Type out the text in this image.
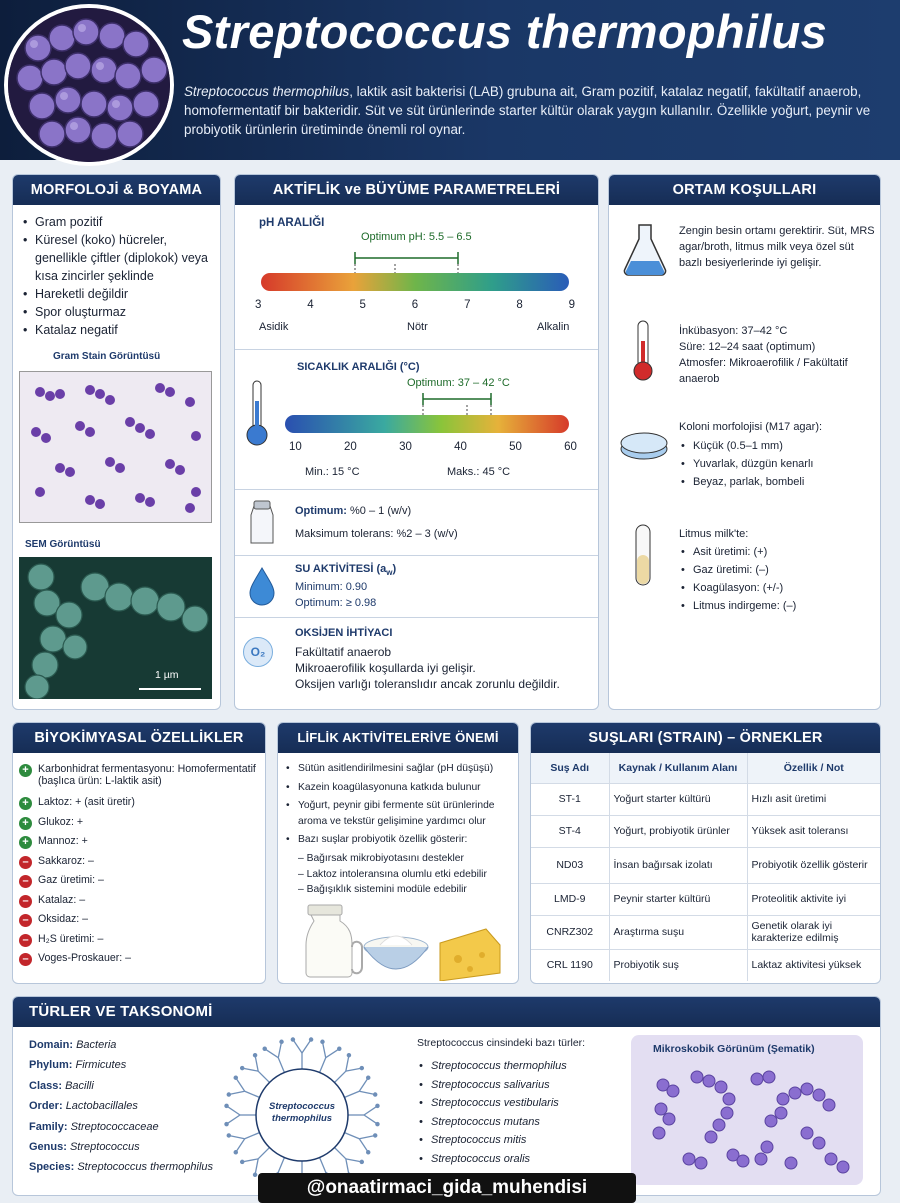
Streptococcus thermophilus
Streptococcus thermophilus, laktik asit bakterisi (LAB) grubuna ait, Gram pozitif, katalaz negatif, fakültatif anaerob, homofermentatif bir bakteridir. Süt ve süt ürünlerinde starter kültür olarak yaygın kullanılır. Özellikle yoğurt, peynir ve probiyotik ürünlerin üretiminde önemli rol oynar.
MORFOLOJİ & BOYAMA
• Gram pozitif
• Küresel (koko) hücreler, genellikle çiftler (diplokok) veya kısa zincirler şeklinde
• Hareketli değildir
• Spor oluşturmaz
• Katalaz negatif
Gram Stain Görüntüsü
SEM Görüntüsü
1 µm
AKTİFLİK ve BÜYÜME PARAMETRELERİ
pH ARALIĞI
Optimum pH: 5.5 – 6.5
3	4	5	6	7	8	9
Asidik	Nötr	Alkalin
SICAKLIK ARALIĞI (°C)
Optimum: 37 – 42 °C
10	20	30	40	50	60
Min.: 15 °C	Maks.: 45 °C
Optimum: %0 – 1 (w/v)
Maksimum tolerans: %2 – 3 (w/v)
SU AKTİVİTESİ $(a_w)$
Minimum: 0.90
Optimum: ≥ 0.98
O₂
OKSİJEN İHTİYACI
Fakültatif anaerob
Mikroaerofilik koşullarda iyi gelişir.
Oksijen varlığı toleranslıdır ancak zorunlu değildir.
ORTAM KOŞULLARI
Zengin besin ortamı gerektirir. Süt, MRS agar/broth, litmus milk veya özel süt bazlı besiyerlerinde iyi gelişir.
İnkübasyon: 37–42 °C
Süre: 12–24 saat (optimum)
Atmosfer: Mikroaerofilik / Fakültatif anaerob
Koloni morfolojisi (M17 agar):
• Küçük (0.5–1 mm)
• Yuvarlak, düzgün kenarlı
• Beyaz, parlak, bombeli
Litmus milk'te:
• Asit üretimi: (+)
• Gaz üretimi: (–)
• Koagülasyon: (+/-)
• Litmus indirgeme: (–)
BİYOKİMYASAL ÖZELLİKLER
+ Karbonhidrat fermentasyonu: Homofermentatif (başlıca ürün: L-laktik asit)
+ Laktoz: + (asit üretir)
+ Glukoz: +
+ Mannoz: +
– Sakkaroz: –
– Gaz üretimi: –
– Katalaz: –
– Oksidaz: –
– H₂S üretimi: –
– Voges-Proskauer: –
LİFLİK AKTİVİTELERİVE ÖNEMİ
• Sütün asitlendirilmesini sağlar (pH düşüşü)
• Kazein koagülasyonuna katkıda bulunur
• Yoğurt, peynir gibi fermente süt ürünlerinde aroma ve tekstür gelişimine yardımcı olur
• Bazı suşlar probiyotik özellik gösterir:
– Bağırsak mikrobiyotasını destekler
– Laktoz intoleransına olumlu etki edebilir
– Bağışıklık sistemini modüle edebilir
SUŞLARI (STRAIN) – ÖRNEKLER
Suş Adı	Kaynak / Kullanım Alanı	Özellik / Not
ST-1	Yoğurt starter kültürü	Hızlı asit üretimi
ST-4	Yoğurt, probiyotik ürünler	Yüksek asit toleransı
ND03	İnsan bağırsak izolatı	Probiyotik özellik gösterir
LMD-9	Peynir starter kültürü	Proteolitik aktivite iyi
CNRZ302	Araştırma suşu	Genetik olarak iyi karakterize edilmiş
CRL 1190	Probiyotik suş	Laktaz aktivitesi yüksek
TÜRLER VE TAKSONOMİ
Domain: Bacteria
Phylum: Firmicutes
Class: Bacilli
Order: Lactobacillales
Family: Streptococcaceae
Genus: Streptococcus
Species: Streptococcus thermophilus
Streptococcus
thermophilus
Streptococcus cinsindeki bazı türler:
• Streptococcus thermophilus
• Streptococcus salivarius
• Streptococcus vestibularis
• Streptococcus mutans
• Streptococcus mitis
• Streptococcus oralis
Mikroskobik Görünüm (Şematik)
@onaatirmaci_gida_muhendisi
